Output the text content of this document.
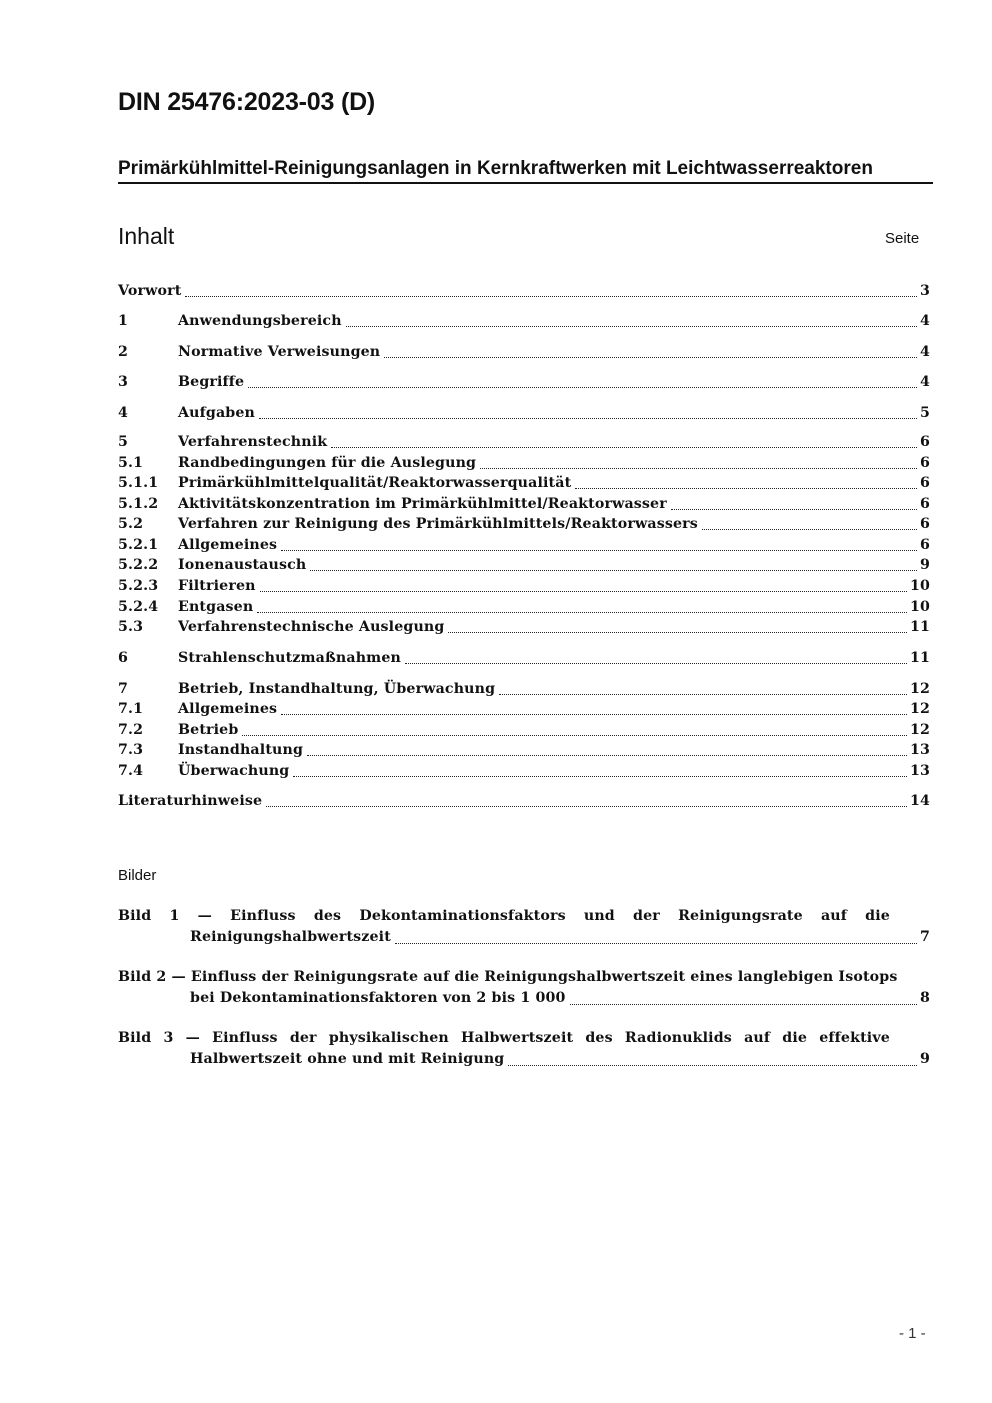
DIN 25476:2023-03 (D)
Primärkühlmittel-Reinigungsanlagen in Kernkraftwerken mit Leichtwasserreaktoren
Inhalt	Seite
Vorwort	3
1	Anwendungsbereich	4
2	Normative Verweisungen	4
3	Begriffe	4
4	Aufgaben	5
5	Verfahrenstechnik	6
5.1	Randbedingungen für die Auslegung	6
5.1.1	Primärkühlmittelqualität/Reaktorwasserqualität	6
5.1.2	Aktivitätskonzentration im Primärkühlmittel/Reaktorwasser	6
5.2	Verfahren zur Reinigung des Primärkühlmittels/Reaktorwassers	6
5.2.1	Allgemeines	6
5.2.2	Ionenaustausch	9
5.2.3	Filtrieren	10
5.2.4	Entgasen	10
5.3	Verfahrenstechnische Auslegung	11
6	Strahlenschutzmaßnahmen	11
7	Betrieb, Instandhaltung, Überwachung	12
7.1	Allgemeines	12
7.2	Betrieb	12
7.3	Instandhaltung	13
7.4	Überwachung	13
Literaturhinweise	14
Bilder
Bild 1 — Einfluss des Dekontaminationsfaktors und der Reinigungsrate auf die
Reinigungshalbwertszeit	7
Bild 2 — Einfluss der Reinigungsrate auf die Reinigungshalbwertszeit eines langlebigen Isotops
bei Dekontaminationsfaktoren von 2 bis 1 000	8
Bild 3 — Einfluss der physikalischen Halbwertszeit des Radionuklids auf die effektive
Halbwertszeit ohne und mit Reinigung	9
- 1 -
